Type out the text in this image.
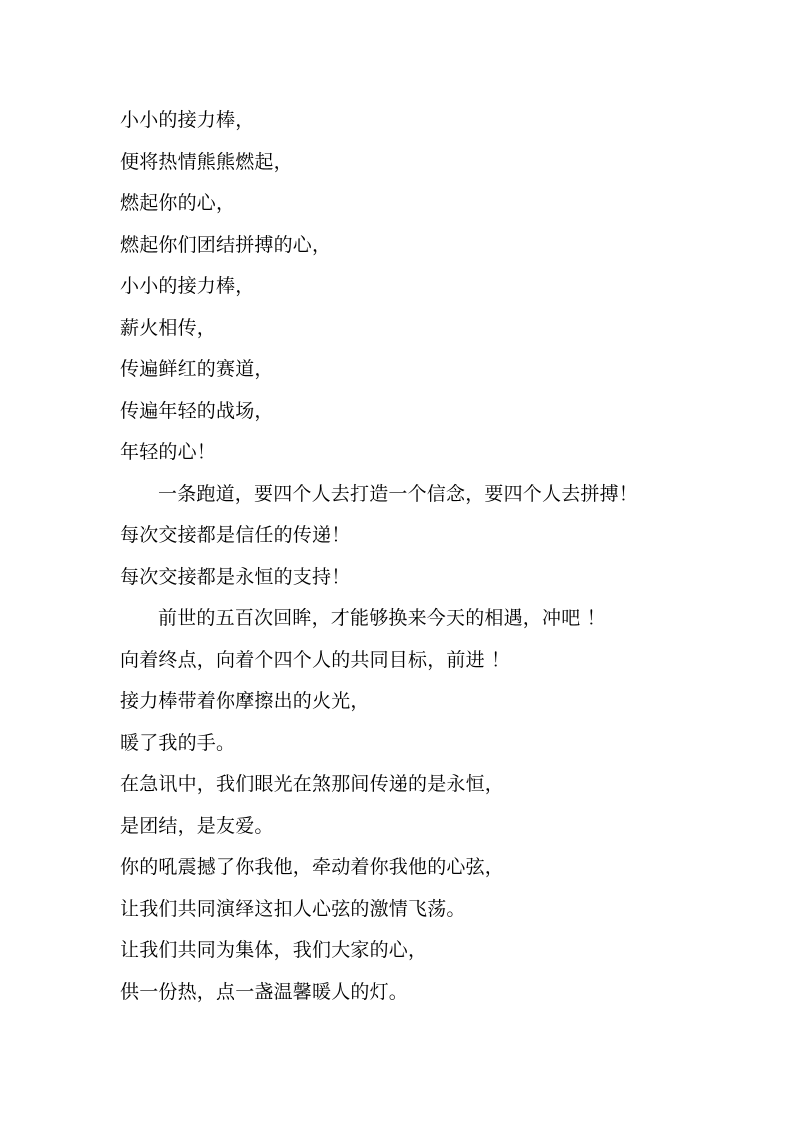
小小的接力棒，
便将热情熊熊燃起，
燃起你的心，
燃起你们团结拼搏的心，
小小的接力棒，
薪火相传，
传遍鲜红的赛道，
传遍年轻的战场，
年轻的心！
一条跑道，要四个人去打造一个信念，要四个人去拼搏！
每次交接都是信任的传递！
每次交接都是永恒的支持！
前世的五百次回眸，才能够换来今天的相遇，冲吧 ！
向着终点，向着个四个人的共同目标，前进 ！
接力棒带着你摩擦出的火光，
暖了我的手。
在急讯中，我们眼光在煞那间传递的是永恒，
是团结，是友爱。
你的吼震撼了你我他，牵动着你我他的心弦，
让我们共同演绎这扣人心弦的激情飞荡。
让我们共同为集体，我们大家的心，
供一份热，点一盏温馨暖人的灯。
